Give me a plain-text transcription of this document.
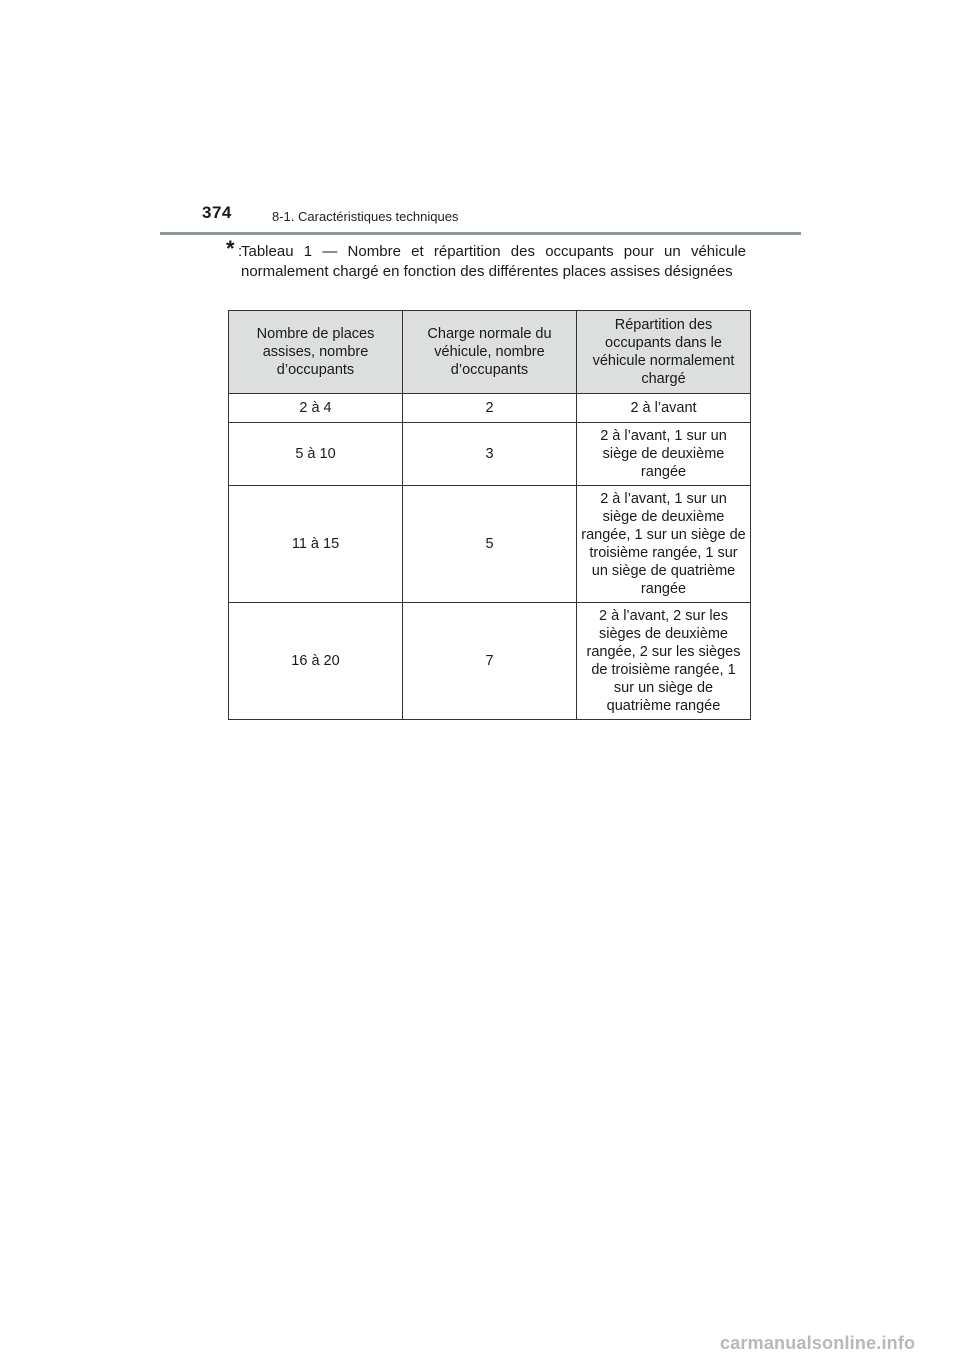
374	8-1. Caractéristiques techniques
* :
Tableau 1 — Nombre et répartition des occupants pour un véhicule normalement chargé en fonction des différentes places assises désignées
Nombre de places assises, nombre d’occupants	Charge normale du véhicule, nombre d’occupants	Répartition des occupants dans le véhicule normalement chargé
2 à 4	2	2 à l’avant
5 à 10	3	2 à l’avant, 1 sur un siège de deuxième rangée
11 à 15	5	2 à l’avant, 1 sur un siège de deuxième rangée, 1 sur un siège de troisième rangée, 1 sur un siège de quatrième rangée
16 à 20	7	2 à l’avant, 2 sur les sièges de deuxième rangée, 2 sur les sièges de troisième rangée, 1 sur un siège de quatrième rangée
carmanualsonline.info
